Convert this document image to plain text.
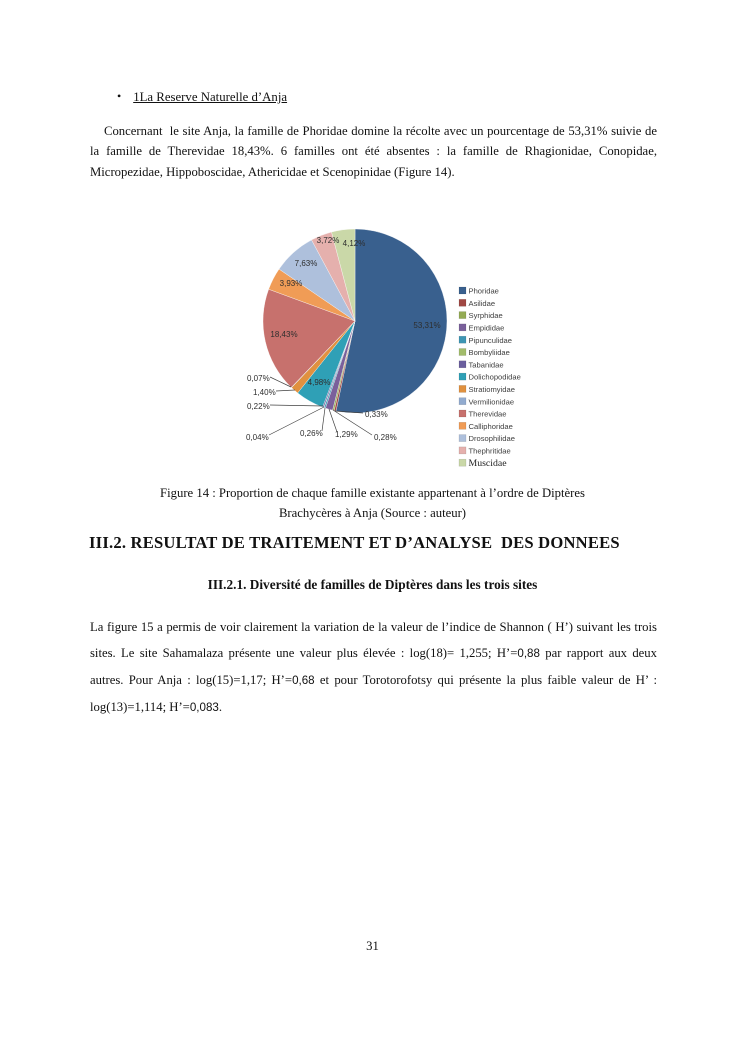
• 1La Reserve Naturelle d’Anja

Concernant  le site Anja, la famille de Phoridae domine la récolte avec un pourcentage de 53,31% suivie de la famille de Therevidae 18,43%. 6 familles ont été absentes : la famille de Rhagionidae, Conopidae, Micropezidae, Hippoboscidae, Athericidae et Scenopinidae (Figure 14).

53,31%
0,33%
0,28%
1,29%
0,26%
0,04%
0,22%
4,98%
1,40%
0,07%
18,43%
3,93%
7,63%
3,72% 4,12%
Phoridae
Asilidae
Syrphidae
Empididae
Pipunculidae
Bombyliidae
Tabanidae
Dolichopodidae
Stratiomyidae
Vermilionidae
Therevidae
Calliphoridae
Drosophilidae
Thephritidae
Muscidae
Figure 14 : Proportion de chaque famille existante appartenant à l’ordre de Diptères
Brachycères à Anja (Source : auteur)
III.2. RESULTAT DE TRAITEMENT ET D’ANALYSE  DES DONNEES
III.2.1. Diversité de familles de Diptères dans les trois sites

La figure 15 a permis de voir clairement la variation de la valeur de l’indice de Shannon ( H’) suivant les trois sites. Le site Sahamalaza présente une valeur plus élevée : log(18)= 1,255; H’=0,88 par rapport aux deux autres. Pour Anja : log(15)=1,17; H’=0,68 et pour Torotorofotsy qui présente la plus faible valeur de H’ : log(13)=1,114; H’=0,083.

31
